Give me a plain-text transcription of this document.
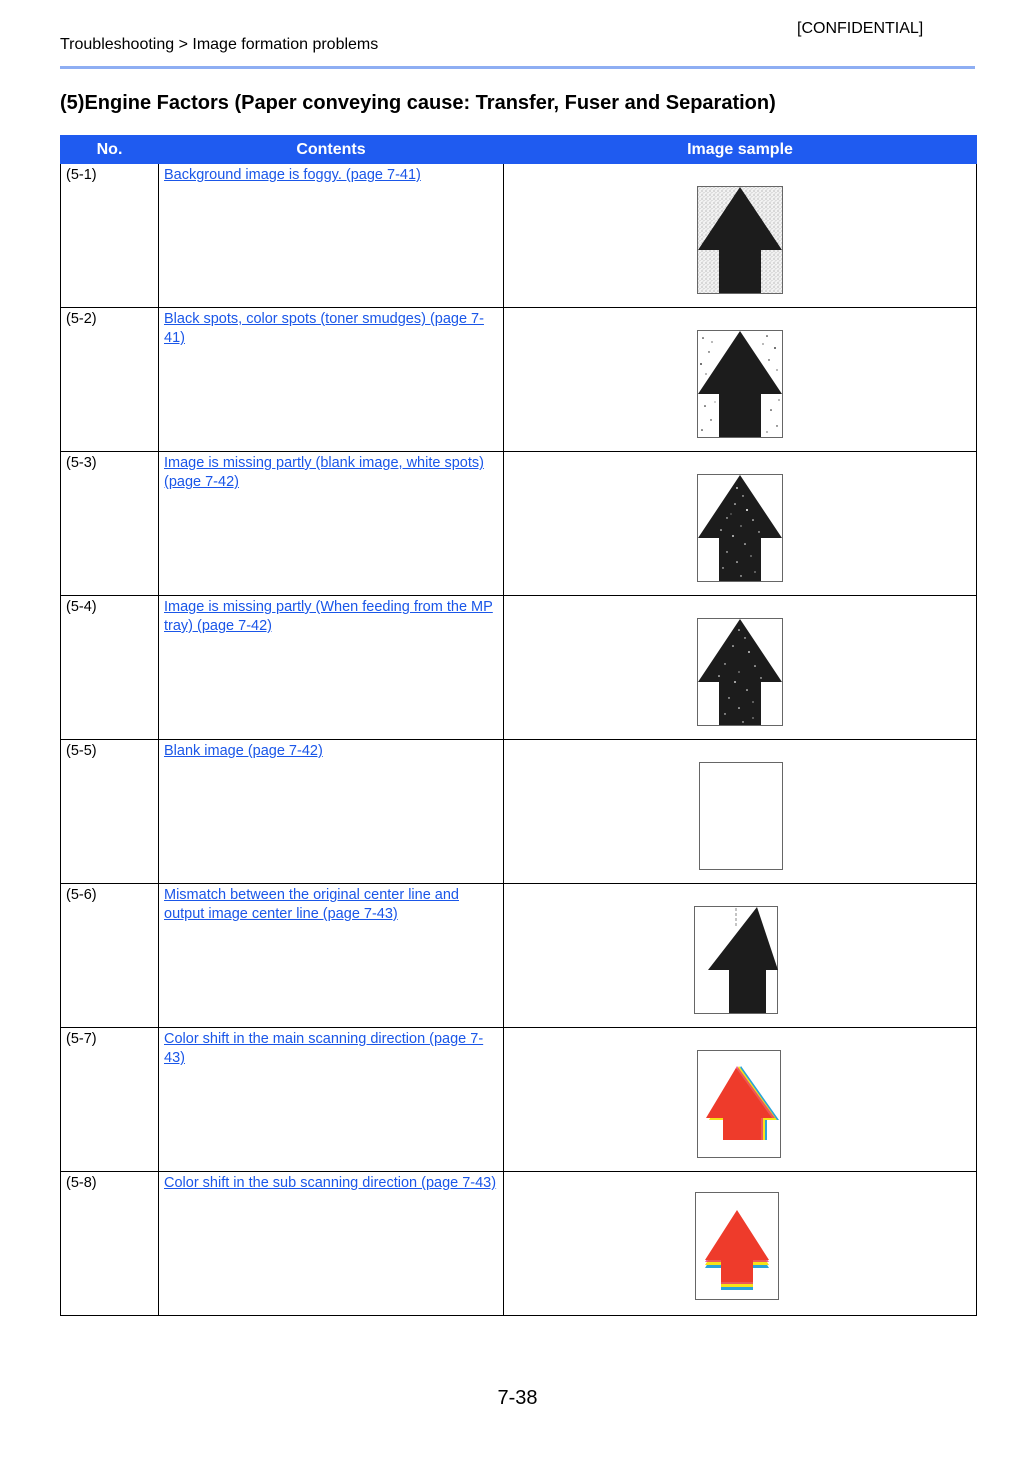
[CONFIDENTIAL]
Troubleshooting > Image formation problems
(5)Engine Factors (Paper conveying cause: Transfer, Fuser and Separation)
No.	Contents	Image sample
(5-1)	Background image is foggy. (page 7-41)	

(5-2)	Black spots, color spots (toner smudges) (page 7-41)	

(5-3)	Image is missing partly (blank image, white spots) (page 7-42)	

(5-4)	Image is missing partly (When feeding from the MP tray) (page 7-42)	

(5-5)	Blank image (page 7-42)	

(5-6)	Mismatch between the original center line and output image center line (page 7-43)	

(5-7)	Color shift in the main scanning direction (page 7-43)	

(5-8)	Color shift in the sub scanning direction (page 7-43)	
7-38
